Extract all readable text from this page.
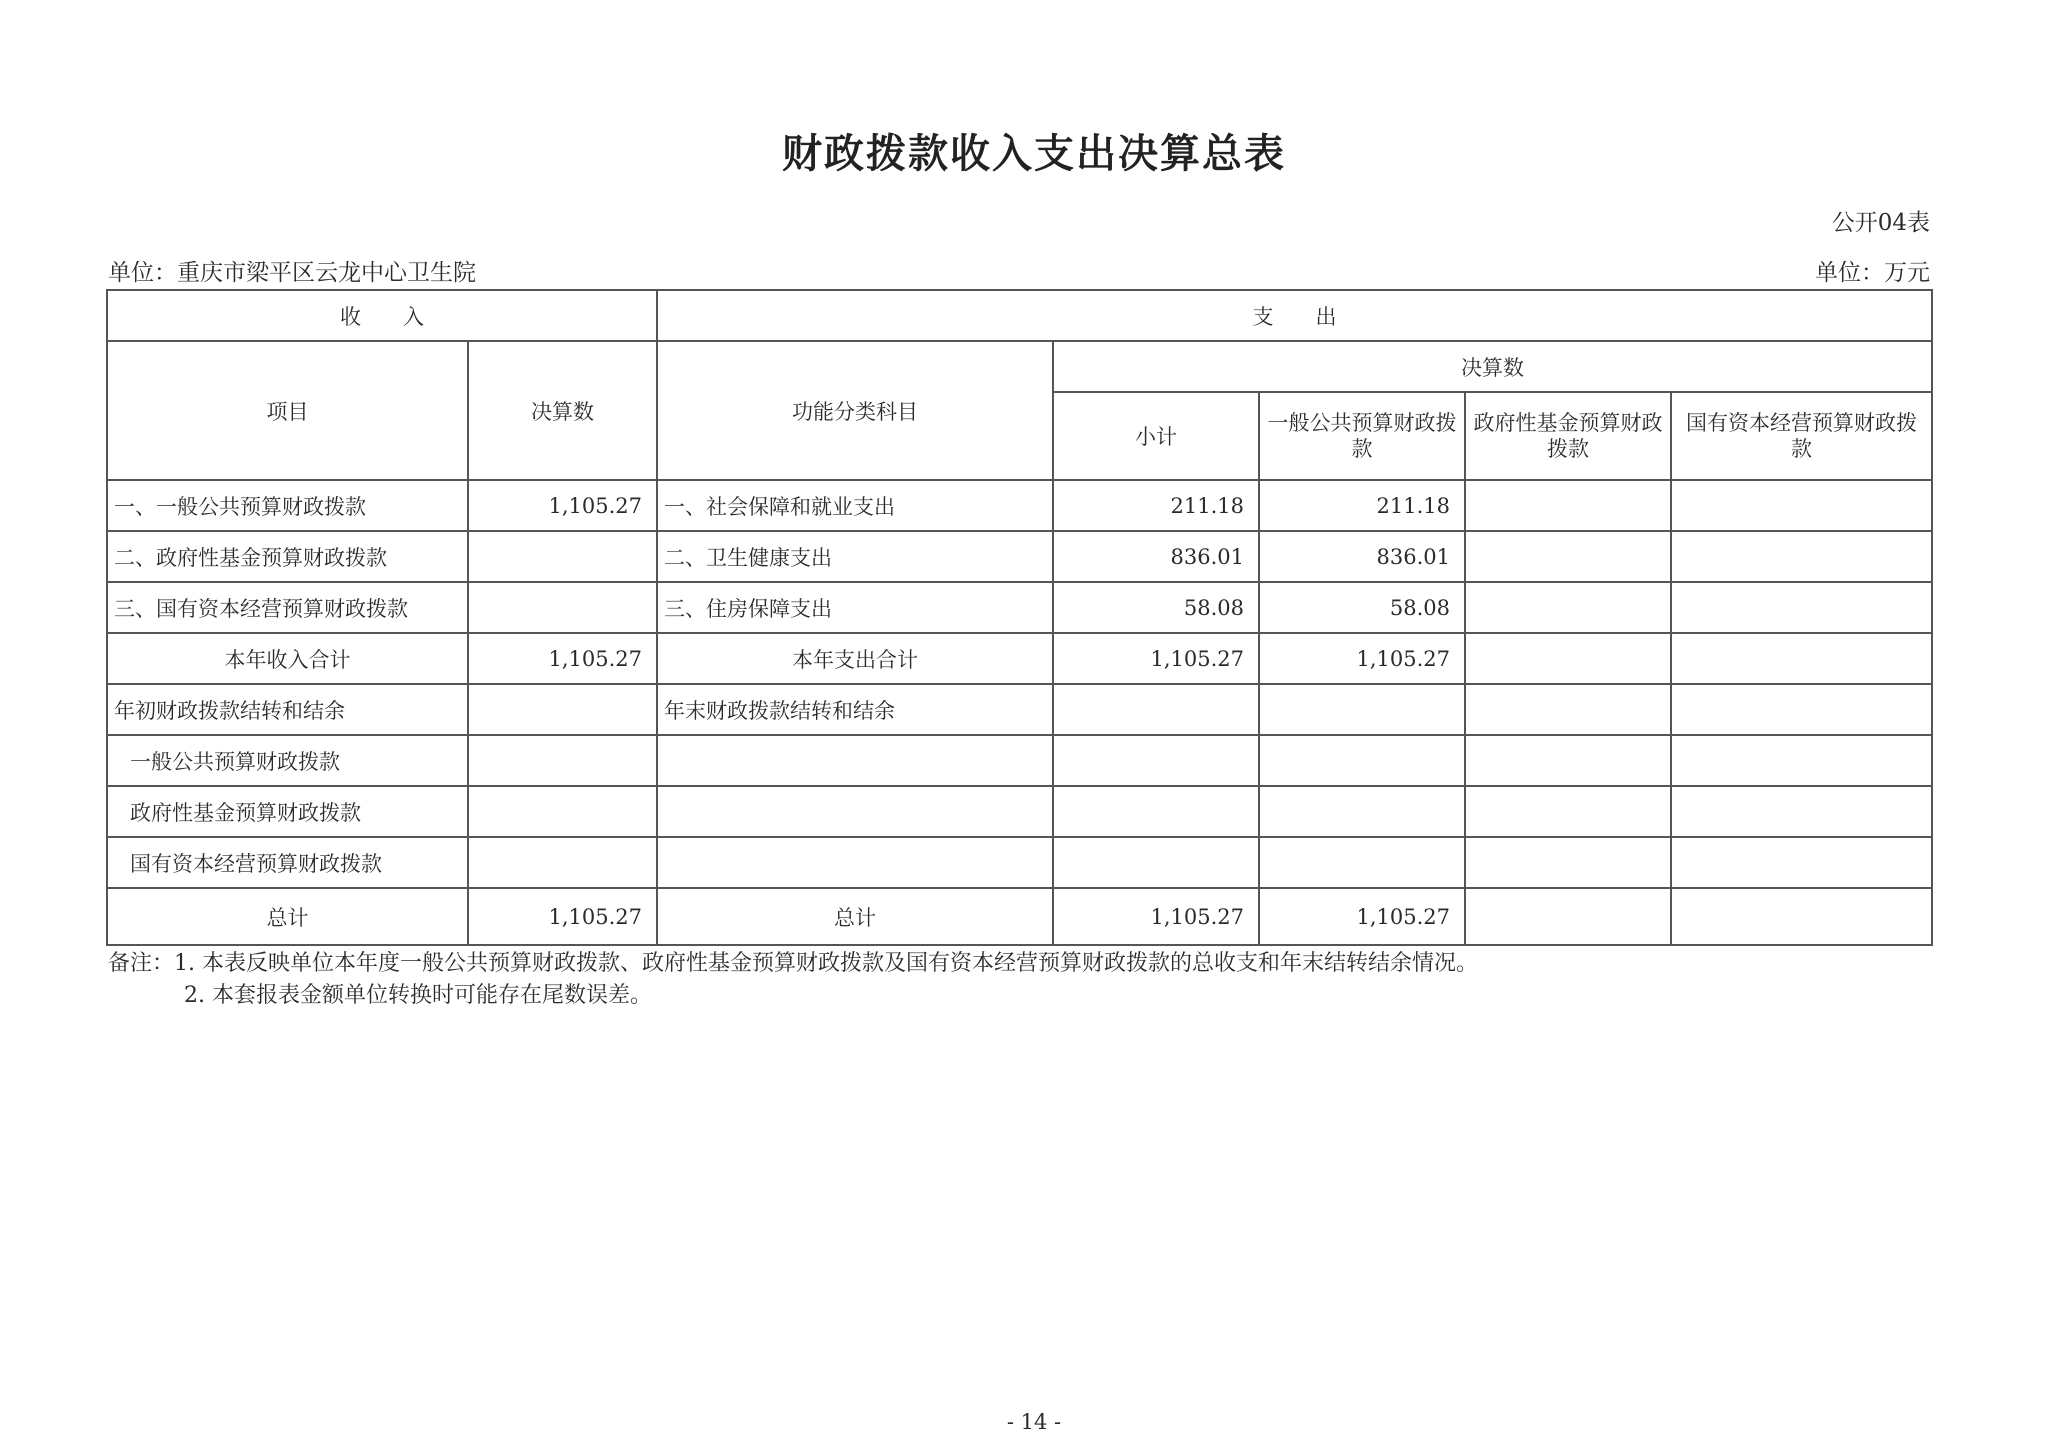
财政拨款收入支出决算总表
公开04表
单位：重庆市梁平区云龙中心卫生院	单位：万元
收　　入		支　　出				
项目	决算数	功能分类科目	决算数			
			小计	一般公共预算财政拨款	政府性基金预算财政拨款	国有资本经营预算财政拨款
一、一般公共预算财政拨款	1,105.27	一、社会保障和就业支出	211.18	211.18		
二、政府性基金预算财政拨款		二、卫生健康支出	836.01	836.01		
三、国有资本经营预算财政拨款		三、住房保障支出	58.08	58.08		
本年收入合计	1,105.27	本年支出合计	1,105.27	1,105.27		
年初财政拨款结转和结余		年末财政拨款结转和结余				
一般公共预算财政拨款						
政府性基金预算财政拨款						
国有资本经营预算财政拨款						
总计	1,105.27	总计	1,105.27	1,105.27		
备注：1. 本表反映单位本年度一般公共预算财政拨款、政府性基金预算财政拨款及国有资本经营预算财政拨款的总收支和年末结转结余情况。
2. 本套报表金额单位转换时可能存在尾数误差。
- 14 -
